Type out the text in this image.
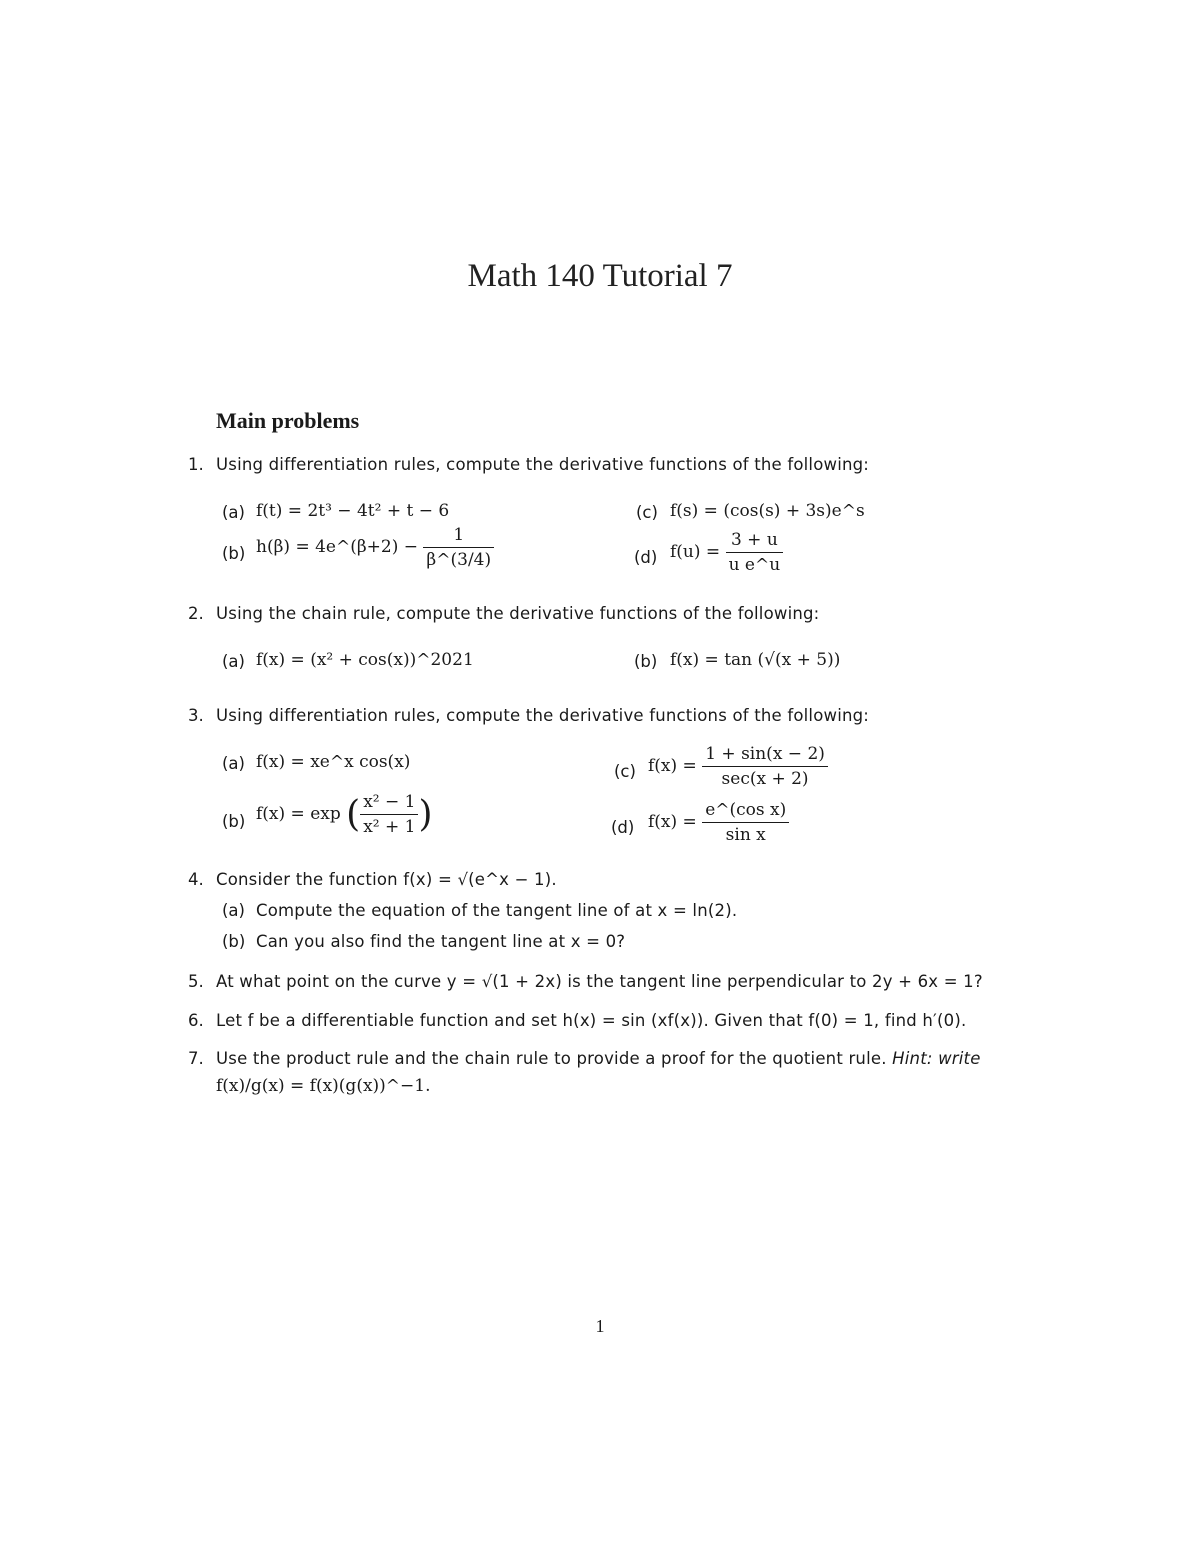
Math 140 Tutorial 7
Main problems
1. Using differentiation rules, compute the derivative functions of the following:
(a) f(t) = 2t³ − 4t² + t − 6	(c) f(s) = (cos(s) + 3s)e^s
(b) h(β) = 4e^(β+2) − $\frac{1}{\beta\^{}(3/4)}$	(d) $f(u) = \frac{3 + u}{\text{u e\textasciicircum{}u}}$
2. Using the chain rule, compute the derivative functions of the following:
(a) f(x) = (x² + cos(x))^2021	(b) f(x) = tan (√(x + 5))
3. Using differentiation rules, compute the derivative functions of the following:
(a) f(x) = xe^x cos(x)	(c) $f(x) = \frac{1 + \sin(x - 2)}{\sec(x + 2)}$
(b) f(x) = exp ( $\frac{\text{x² − 1}}{\text{x² + 1}}$ )	(d) $f(x) = \frac{\text{e\textasciicircum{}(cos x)}}{\text{sin x}}$
4. Consider the function f(x) = √(e^x − 1).
(a) Compute the equation of the tangent line of at x = ln(2).
(b) Can you also find the tangent line at x = 0?
5. At what point on the curve y = √(1 + 2x) is the tangent line perpendicular to 2y + 6x = 1?
6. Let f be a differentiable function and set h(x) = sin (xf(x)). Given that f(0) = 1, find h′(0).
7. Use the product rule and the chain rule to provide a proof for the quotient rule. Hint: write
f(x)/g(x) = f(x)(g(x))^−1.
1
